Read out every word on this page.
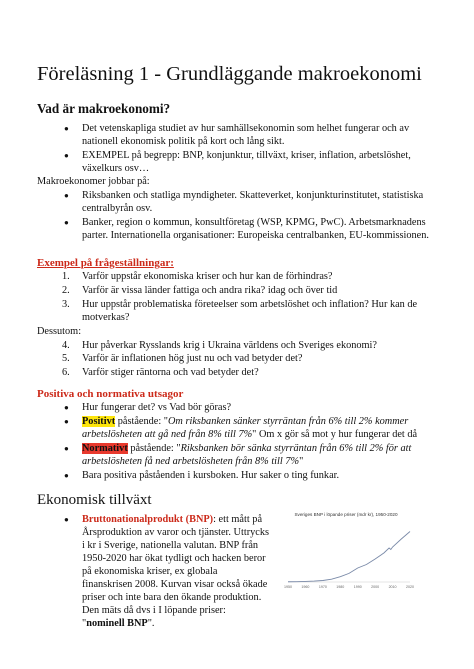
Föreläsning 1 - Grundläggande makroekonomi
Vad är makroekonomi?
● Det vetenskapliga studiet av hur samhällsekonomin som helhet fungerar och av
nationell ekonomisk politik på kort och lång sikt.
● EXEMPEL på begrepp: BNP, konjunktur, tillväxt, kriser, inflation, arbetslöshet,
växelkurs osv…
Makroekonomer jobbar på:
● Riksbanken och statliga myndigheter. Skatteverket, konjunkturinstitutet, statistiska
centralbyrån osv.
● Banker, region o kommun, konsultföretag (WSP, KPMG, PwC). Arbetsmarknadens
parter. Internationella organisationer: Europeiska centralbanken, EU-kommissionen.
Exempel på frågeställningar:
1. Varför uppstår ekonomiska kriser och hur kan de förhindras?
2. Varför är vissa länder fattiga och andra rika? idag och över tid
3. Hur uppstår problematiska företeelser som arbetslöshet och inflation? Hur kan de
motverkas?
Dessutom:
4. Hur påverkar Rysslands krig i Ukraina världens och Sveriges ekonomi?
5. Varför är inflationen hög just nu och vad betyder det?
6. Varför stiger räntorna och vad betyder det?
Positiva och normativa utsagor
● Hur fungerar det? vs Vad bör göras?
● Positivt påstående: "Om riksbanken sänker styrräntan från 6% till 2% kommer
arbetslösheten att gå ned från 8% till 7%" Om x gör så mot y hur fungerar det då
● Normativt påstående: "Riksbanken bör sänka styrräntan från 6% till 2% för att
arbetslösheten få ned arbetslösheten från 8% till 7%"
● Bara positiva påståenden i kursboken. Hur saker o ting funkar.
Ekonomisk tillväxt
● Bruttonationalprodukt (BNP): ett mått på
Årsproduktion av varor och tjänster. Uttrycks
i kr i Sverige, nationella valutan. BNP från
1950-2020 har ökat tydligt och hacken beror
på ekonomiska kriser, ex globala
finanskrisen 2008. Kurvan visar också ökade
priser och inte bara den ökande produktion.
Den mäts då dvs i I löpande priser:
"nominell BNP".
Sveriges BNP i löpande priser (mdr kr), 1950-2020
1950	1960	1970	1980	1990	2000	2010	2020
